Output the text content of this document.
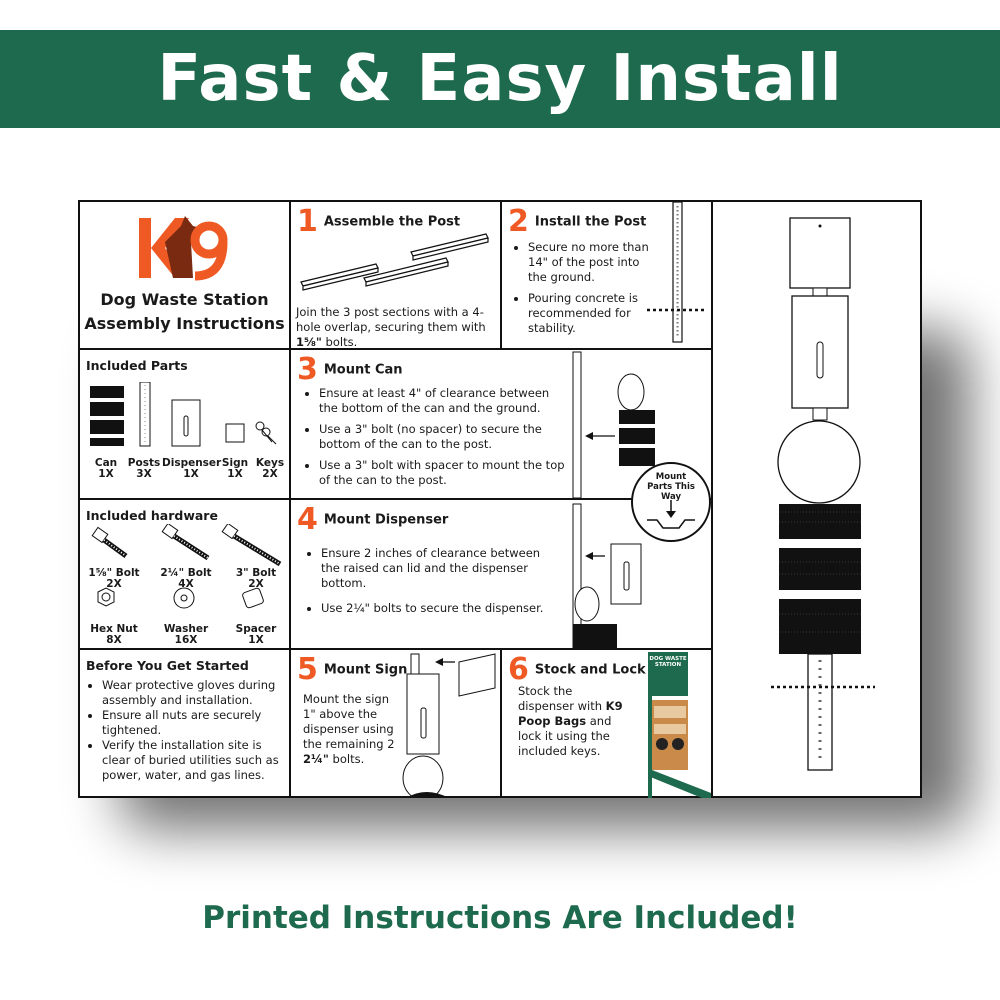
Fast & Easy Install
Dog Waste Station
Assembly Instructions
1 Assemble the Post
Join the 3 post sections with a 4-hole overlap, securing them with 1⅝" bolts.
2 Install the Post
• Secure no more than 14" of the post into the ground.
• Pouring concrete is recommended for stability.
Included Parts
Can
1X
Posts
3X
Dispenser
1X
Sign
1X
Keys
2X
3 Mount Can
• Ensure at least 4" of clearance between the bottom of the can and the ground.
• Use a 3" bolt (no spacer) to secure the bottom of the can to the post.
• Use a 3" bolt with spacer to mount the top of the can to the post.	Mount Parts This Way
Included hardware
1⅝" Bolt
2X
2¼" Bolt
4X
3" Bolt
2X
Hex Nut
8X
Washer
16X
Spacer
1X
4 Mount Dispenser
• Ensure 2 inches of clearance between the raised can lid and the dispenser bottom.
• Use 2¼" bolts to secure the dispenser.
Before You Get Started
• Wear protective gloves during assembly and installation.
• Ensure all nuts are securely tightened.
• Verify the installation site is clear of buried utilities such as power, water, and gas lines.
5 Mount Sign
Mount the sign 1" above the dispenser using the remaining 2 2¼" bolts.
6 Stock and Lock
Stock the dispenser with K9 Poop Bags and lock it using the included keys.
DOG WASTE STATION
Printed Instructions Are Included!
